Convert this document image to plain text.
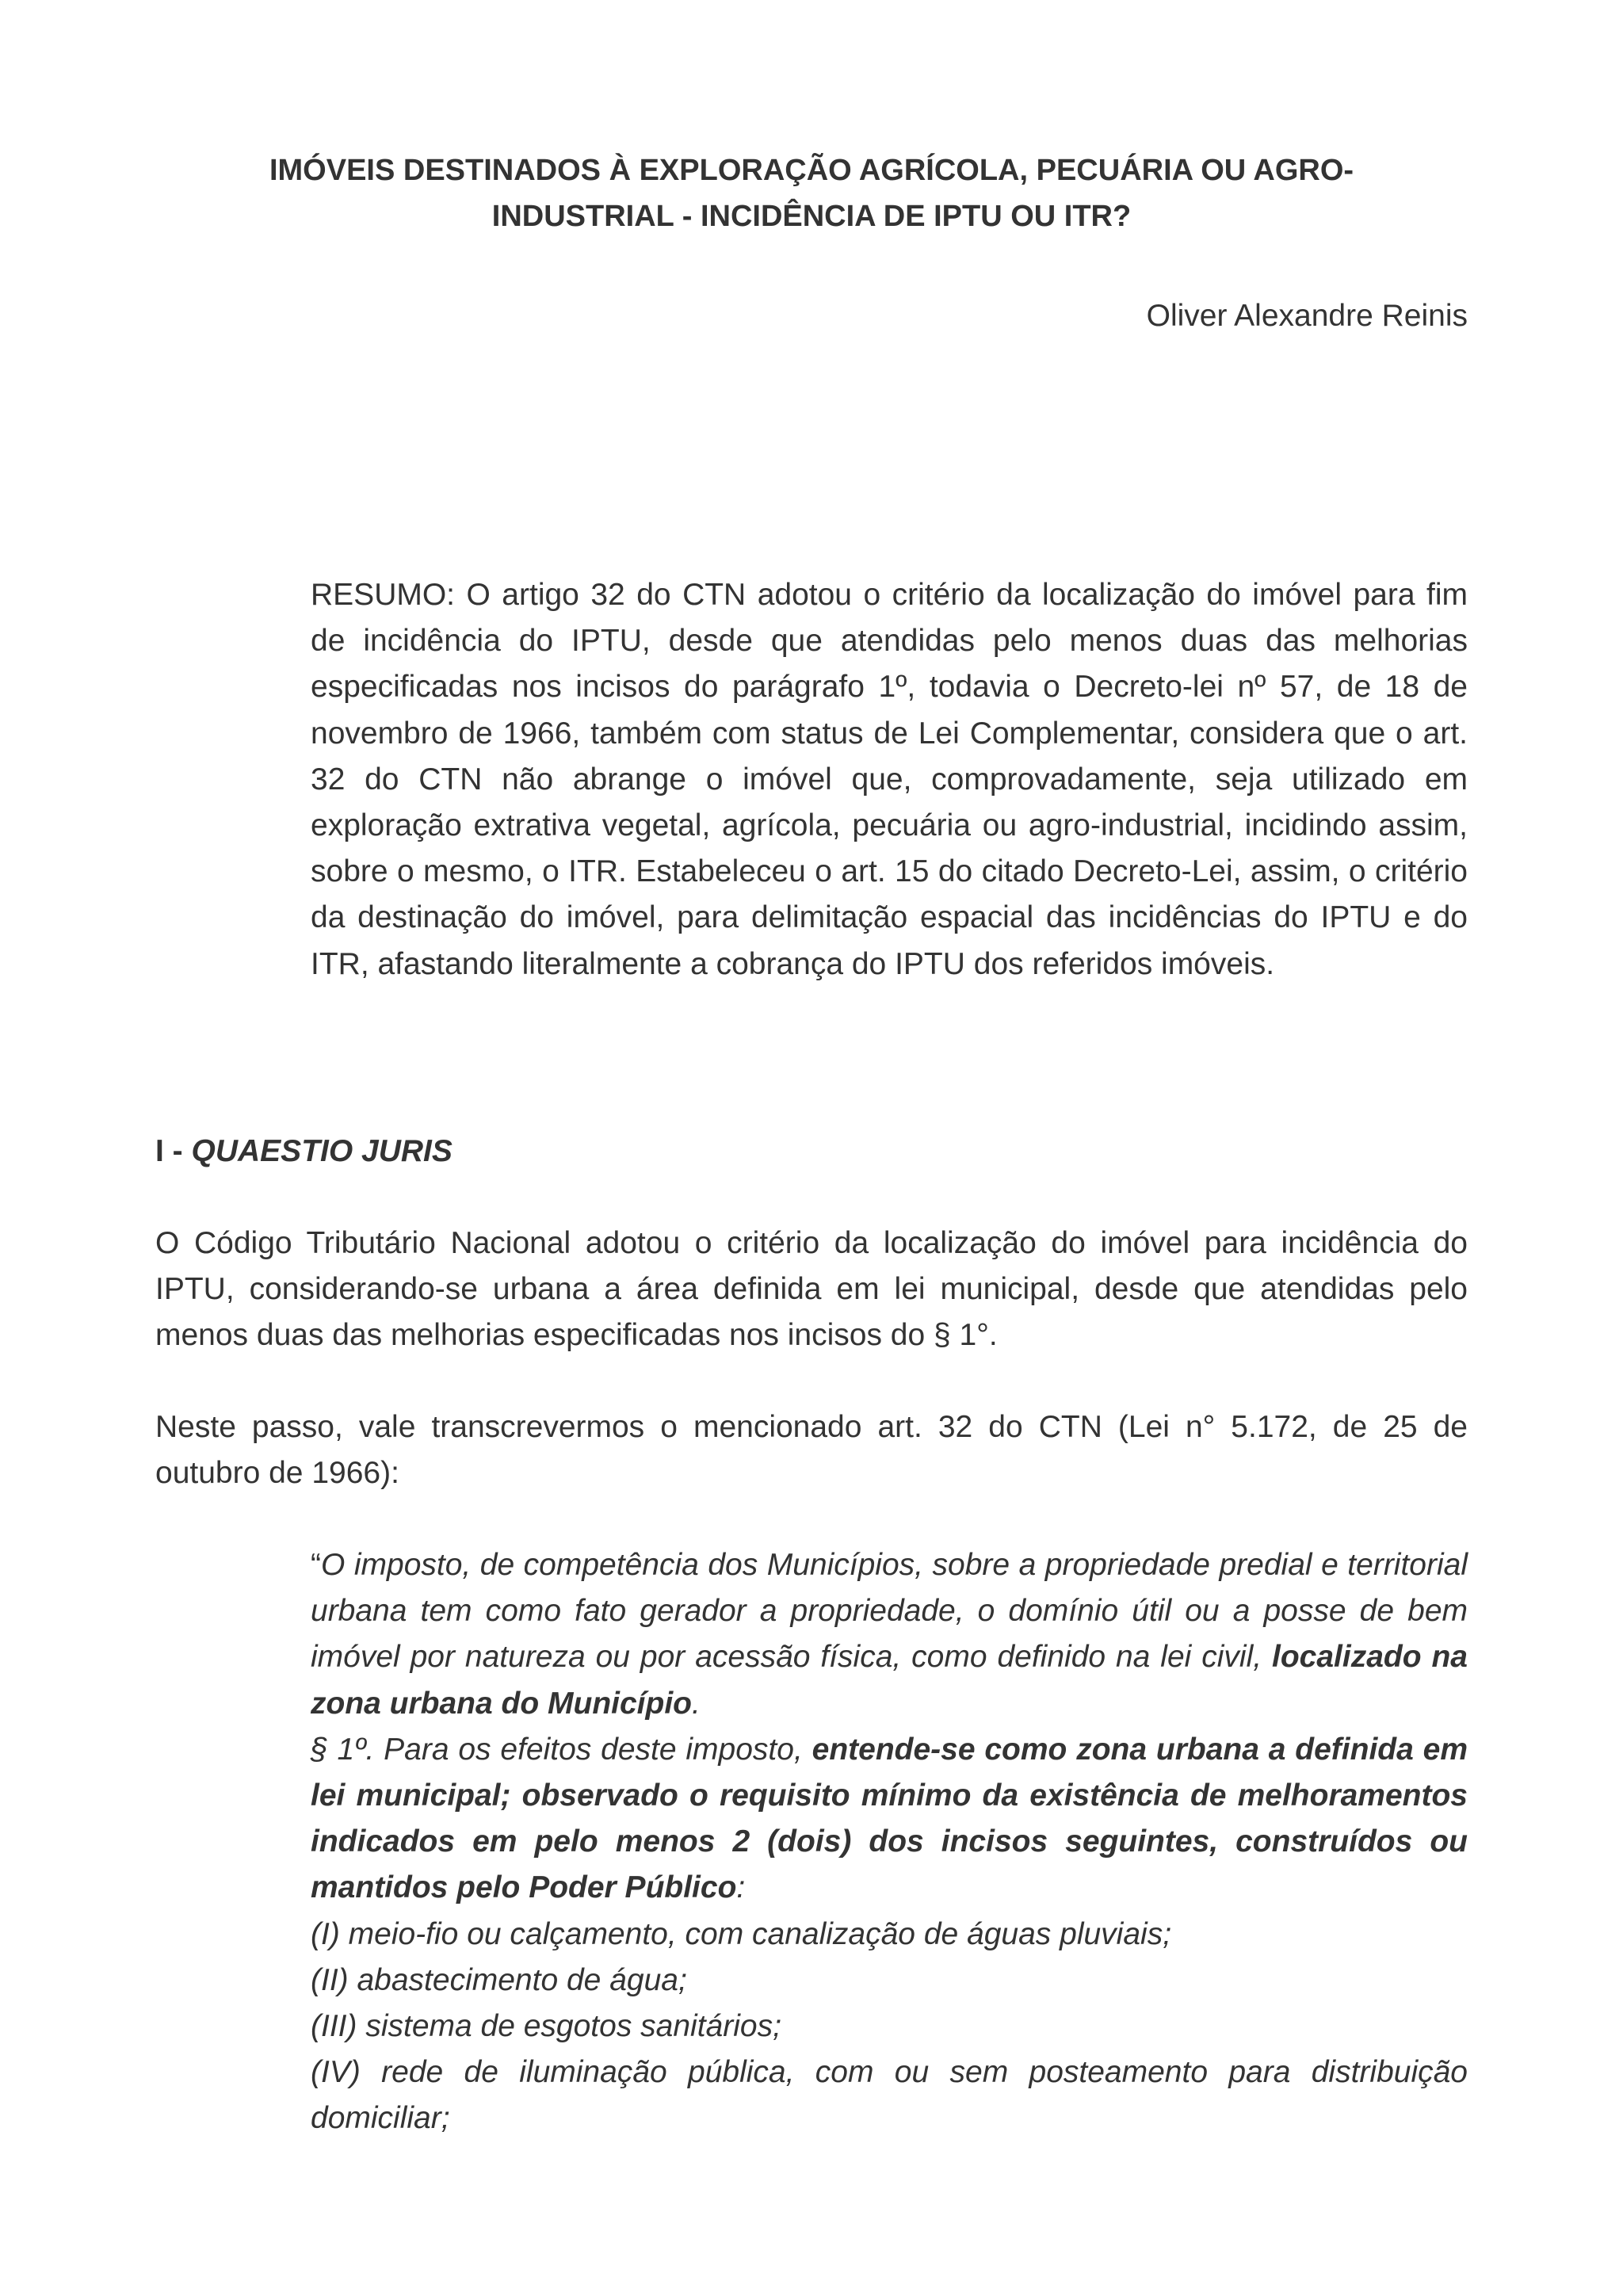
IMÓVEIS DESTINADOS À EXPLORAÇÃO AGRÍCOLA, PECUÁRIA OU AGRO-
INDUSTRIAL - INCIDÊNCIA DE IPTU OU ITR?

Oliver Alexandre Reinis

RESUMO: O artigo 32 do CTN adotou o critério da localização do imóvel para fim de incidência do IPTU, desde que atendidas pelo menos duas das melhorias especificadas nos incisos do parágrafo 1º, todavia o Decreto-lei nº 57, de 18 de novembro de 1966, também com status de Lei Complementar, considera que o art. 32 do CTN não abrange o imóvel que, comprovadamente, seja utilizado em exploração extrativa vegetal, agrícola, pecuária ou agro-industrial, incidindo assim, sobre o mesmo, o ITR. Estabeleceu o art. 15 do citado Decreto-Lei, assim, o critério da destinação do imóvel, para delimitação espacial das incidências do IPTU e do ITR, afastando literalmente a cobrança do IPTU dos referidos imóveis.

I - QUAESTIO JURIS

O Código Tributário Nacional adotou o critério da localização do imóvel para incidência do IPTU, considerando-se urbana a área definida em lei municipal, desde que atendidas pelo menos duas das melhorias especificadas nos incisos do § 1°.

Neste passo, vale transcrevermos o mencionado art. 32 do CTN (Lei n° 5.172, de 25 de outubro de 1966):

“O imposto, de competência dos Municípios, sobre a propriedade predial e territorial urbana tem como fato gerador a propriedade, o domínio útil ou a posse de bem imóvel por natureza ou por acessão física, como definido na lei civil, localizado na zona urbana do Município.
§ 1º. Para os efeitos deste imposto, entende-se como zona urbana a definida em lei municipal; observado o requisito mínimo da existência de melhoramentos indicados em pelo menos 2 (dois) dos incisos seguintes, construídos ou mantidos pelo Poder Público:
(I) meio-fio ou calçamento, com canalização de águas pluviais;
(II) abastecimento de água;
(III) sistema de esgotos sanitários;
(IV) rede de iluminação pública, com ou sem posteamento para distribuição domiciliar;
